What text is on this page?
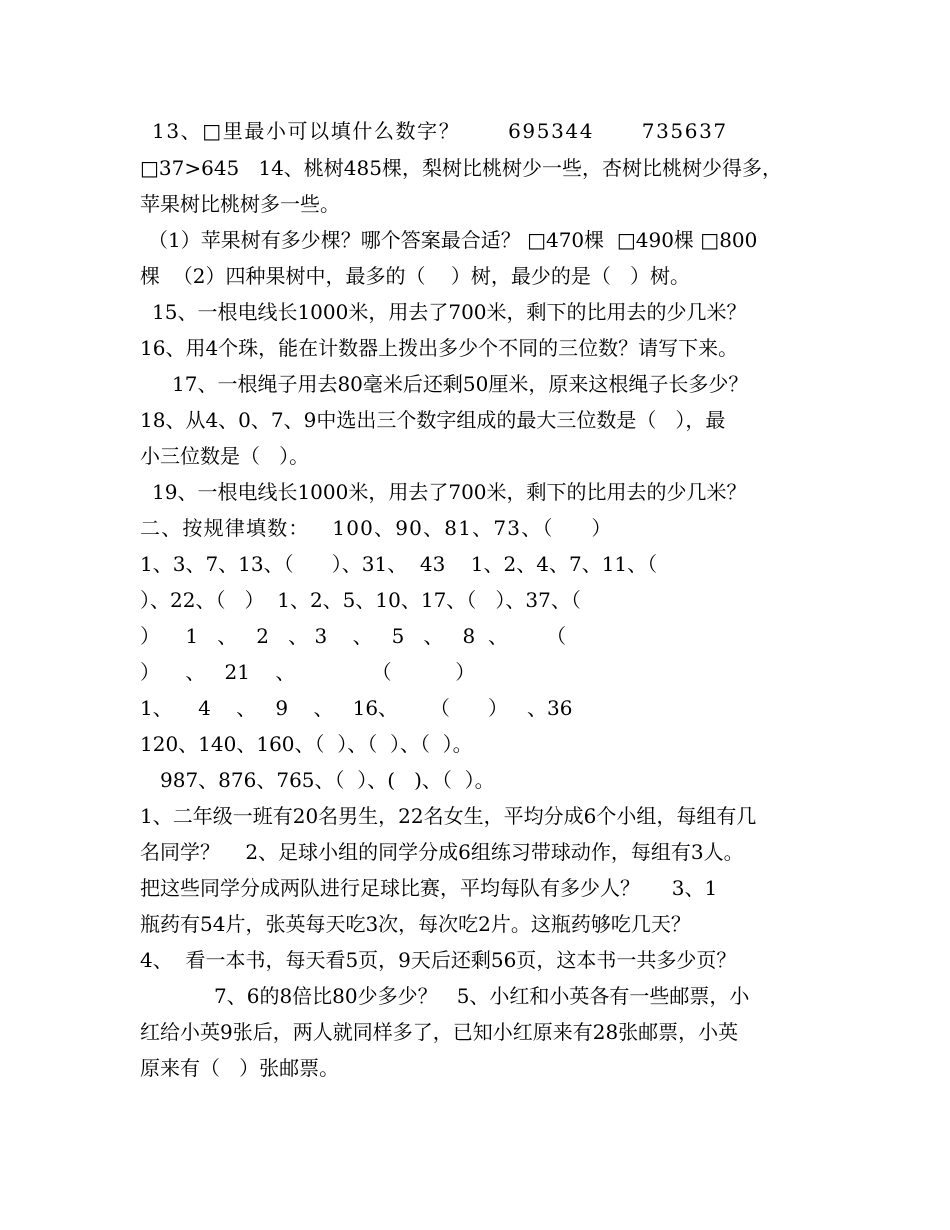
13、□里最小可以填什么数字？      695344      735637
□37>645   14、桃树485棵，梨树比桃树少一些，杏树比桃树少得多，
苹果树比桃树多一些。
（1）苹果树有多少棵？哪个答案最合适？ □470棵  □490棵 □800
棵  （2）四种果树中，最多的（    ）树，最少的是（   ）树。
15、一根电线长1000米，用去了700米，剩下的比用去的少几米？
16、用4个珠，能在计数器上拨出多少个不同的三位数？请写下来。
17、一根绳子用去80毫米后还剩50厘米，原来这根绳子长多少？
18、从4、0、7、9中选出三个数字组成的最大三位数是（   ），最
小三位数是（   ）。
19、一根电线长1000米，用去了700米，剩下的比用去的少几米？
二、按规律填数：   100、90、81、73、（     ）
1、3、7、13、（      ）、31、  43    1、2、4、7、11、（
）、22、（   ）  1、2、5、10、17、（   ）、37、（
）    1   、   2   、 3    、   5   、   8  、      （
）    、   21    、            （          ）
1、    4    、   9    、   16、     （      ）   、36
120、140、160、（  ）、（  ）、（  ）。
987、876、765、（  ）、(   )、（  ）。
1、二年级一班有20名男生，22名女生，平均分成6个小组，每组有几
名同学？    2、足球小组的同学分成6组练习带球动作，每组有3人。
把这些同学分成两队进行足球比赛，平均每队有多少人？     3、1
瓶药有54片，张英每天吃3次，每次吃2片。这瓶药够吃几天？
4、  看一本书，每天看5页，9天后还剩56页，这本书一共多少页？
7、6的8倍比80少多少？   5、小红和小英各有一些邮票，小
红给小英9张后，两人就同样多了，已知小红原来有28张邮票，小英
原来有（   ）张邮票。
